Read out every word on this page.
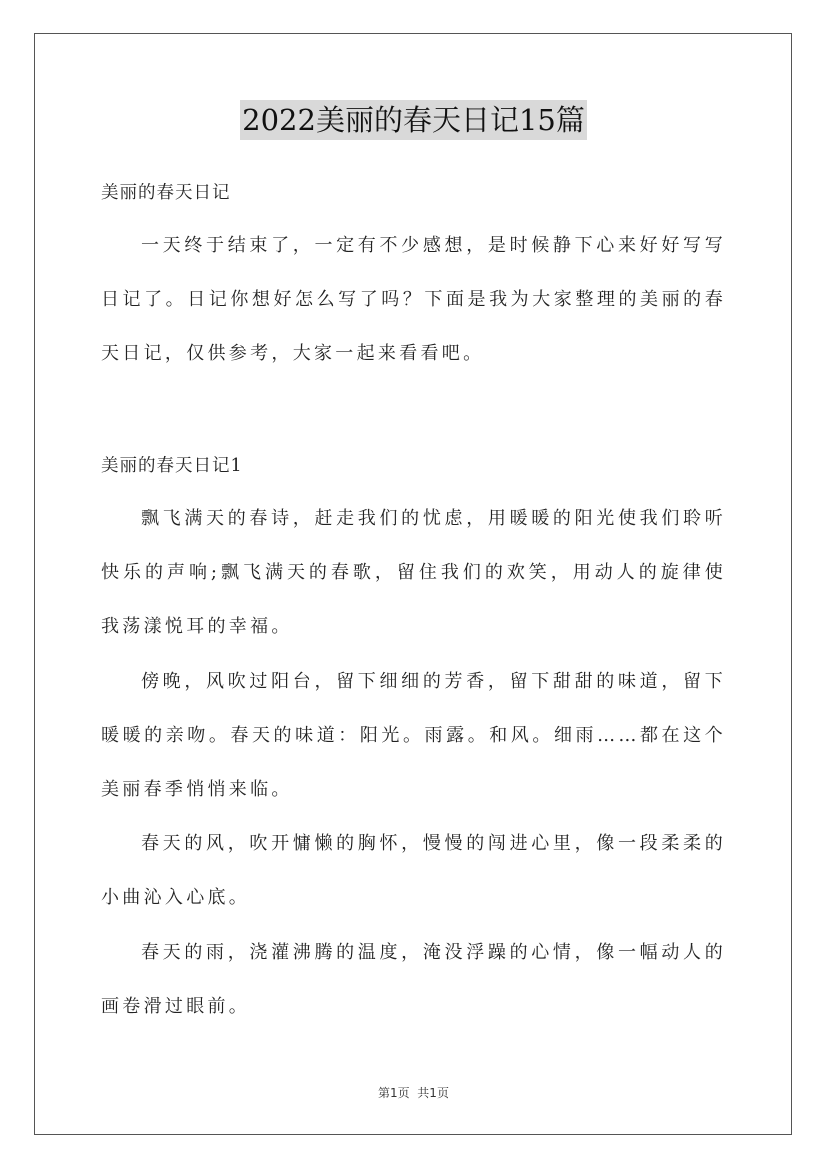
2022美丽的春天日记15篇
美丽的春天日记

一天终于结束了，一定有不少感想，是时候静下心来好好写写日记了。日记你想好怎么写了吗？下面是我为大家整理的美丽的春天日记，仅供参考，大家一起来看看吧。

美丽的春天日记1

飘飞满天的春诗，赶走我们的忧虑，用暖暖的阳光使我们聆听快乐的声响;飘飞满天的春歌，留住我们的欢笑，用动人的旋律使我荡漾悦耳的幸福。

傍晚，风吹过阳台，留下细细的芳香，留下甜甜的味道，留下暖暖的亲吻。春天的味道：阳光。雨露。和风。细雨……都在这个美丽春季悄悄来临。

春天的风，吹开慵懒的胸怀，慢慢的闯进心里，像一段柔柔的小曲沁入心底。

春天的雨，浇灌沸腾的温度，淹没浮躁的心情，像一幅动人的画卷滑过眼前。

第1页  共1页
